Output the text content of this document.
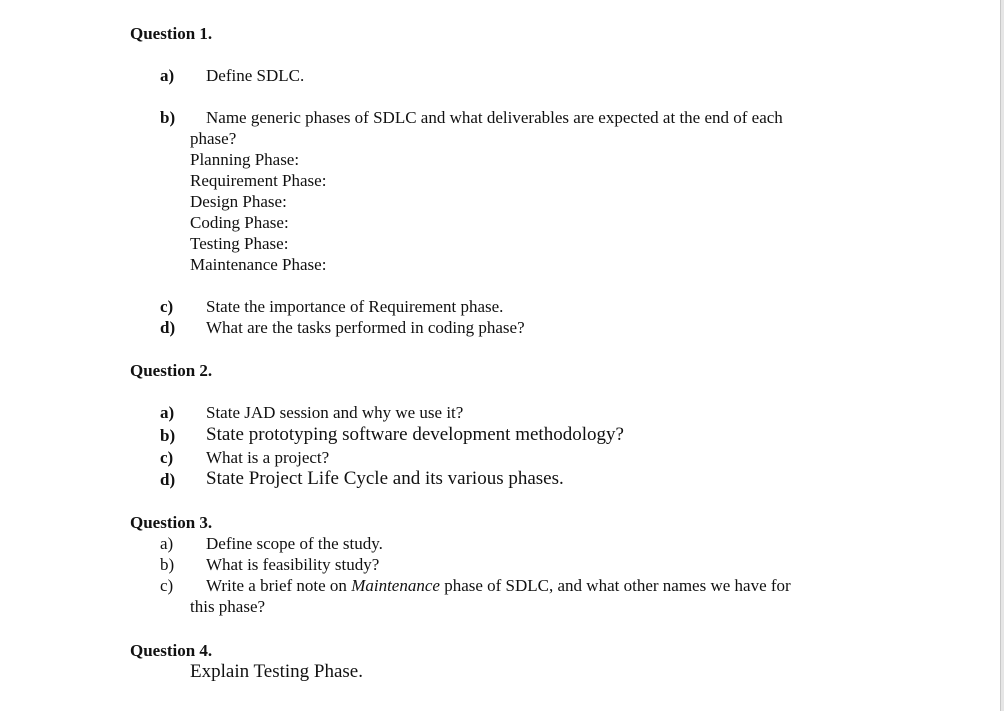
Question 1.
a) Define SDLC.
b) Name generic phases of SDLC and what deliverables are expected at the end of each
phase?
Planning Phase:
Requirement Phase:
Design Phase:
Coding Phase:
Testing Phase:
Maintenance Phase:
c) State the importance of Requirement phase.
d) What are the tasks performed in coding phase?
Question 2.
a) State JAD session and why we use it?
b) State prototyping software development methodology?
c) What is a project?
d) State Project Life Cycle and its various phases.
Question 3.
a) Define scope of the study.
b) What is feasibility study?
c) Write a brief note on Maintenance phase of SDLC, and what other names we have for
this phase?
Question 4.
Explain Testing Phase.
